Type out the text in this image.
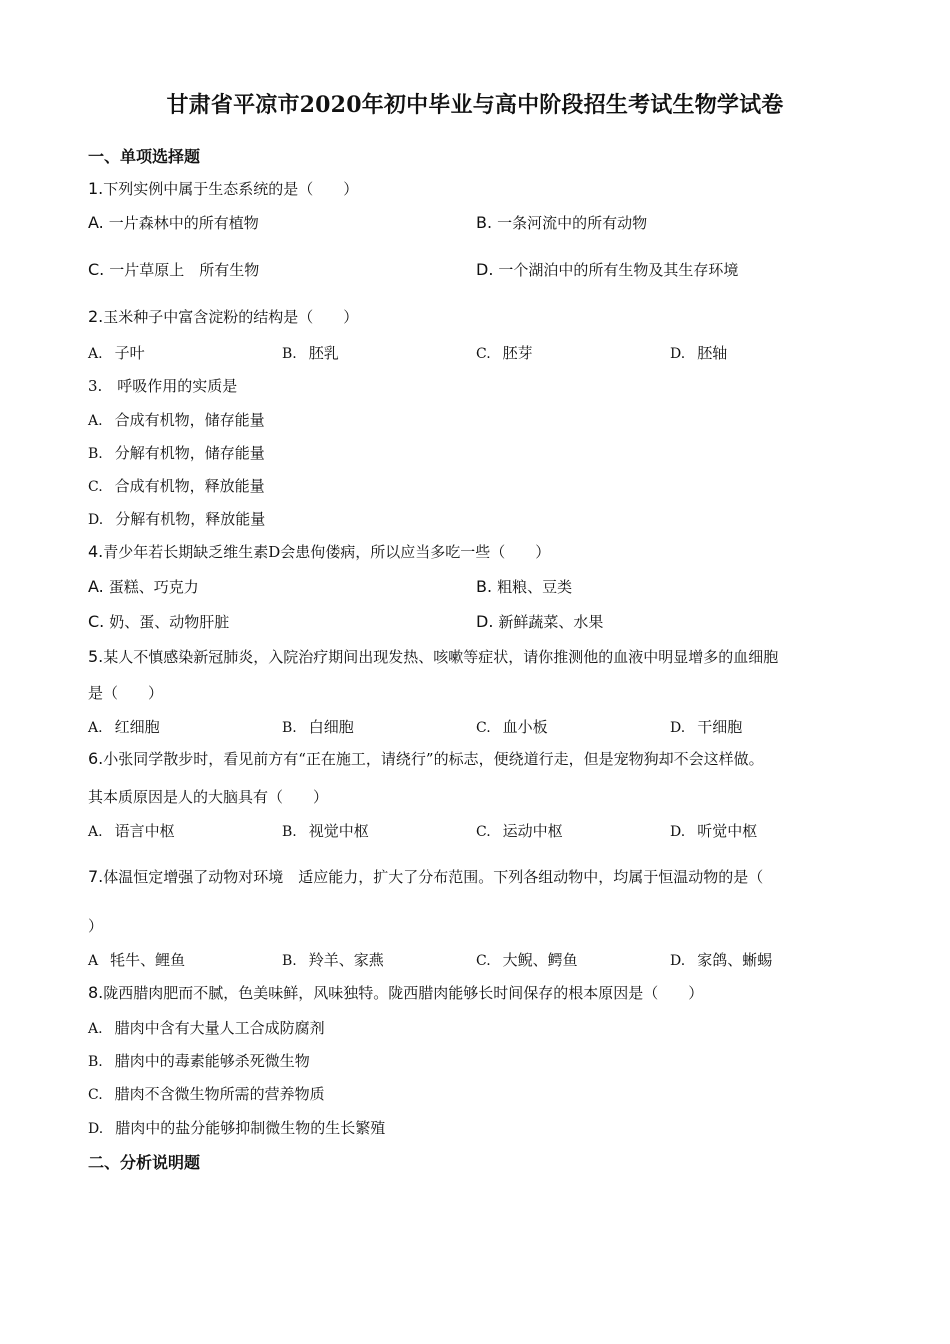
甘肃省平凉市2020年初中毕业与高中阶段招生考试生物学试卷
一、单项选择题
1.下列实例中属于生态系统的是（　　）
A. 一片森林中的所有植物	B. 一条河流中的所有动物
C. 一片草原上　所有生物	D. 一个湖泊中的所有生物及其生存环境
2.玉米种子中富含淀粉的结构是（　　）
A. 子叶	B. 胚乳	C. 胚芽	D. 胚轴
3.　呼吸作用的实质是
A. 合成有机物，储存能量
B. 分解有机物，储存能量
C. 合成有机物，释放能量
D. 分解有机物，释放能量
4.青少年若长期缺乏维生素D会患佝偻病，所以应当多吃一些（　　）
A. 蛋糕、巧克力	B. 粗粮、豆类
C. 奶、蛋、动物肝脏	D. 新鲜蔬菜、水果
5.某人不慎感染新冠肺炎，入院治疗期间出现发热、咳嗽等症状，请你推测他的血液中明显增多的血细胞
是（　　）
A. 红细胞	B. 白细胞	C. 血小板	D. 干细胞
6.小张同学散步时，看见前方有“正在施工，请绕行”的标志，便绕道行走，但是宠物狗却不会这样做。
其本质原因是人的大脑具有（　　）
A. 语言中枢	B. 视觉中枢	C. 运动中枢	D. 听觉中枢
7.体温恒定增强了动物对环境　适应能力，扩大了分布范围。下列各组动物中，均属于恒温动物的是（
）
A 牦牛、鲤鱼	B. 羚羊、家燕	C. 大鲵、鳄鱼	D. 家鸽、蜥蜴
8.陇西腊肉肥而不腻，色美味鲜，风味独特。陇西腊肉能够长时间保存的根本原因是（　　）
A. 腊肉中含有大量人工合成防腐剂
B. 腊肉中的毒素能够杀死微生物
C. 腊肉不含微生物所需的营养物质
D. 腊肉中的盐分能够抑制微生物的生长繁殖
二、分析说明题
